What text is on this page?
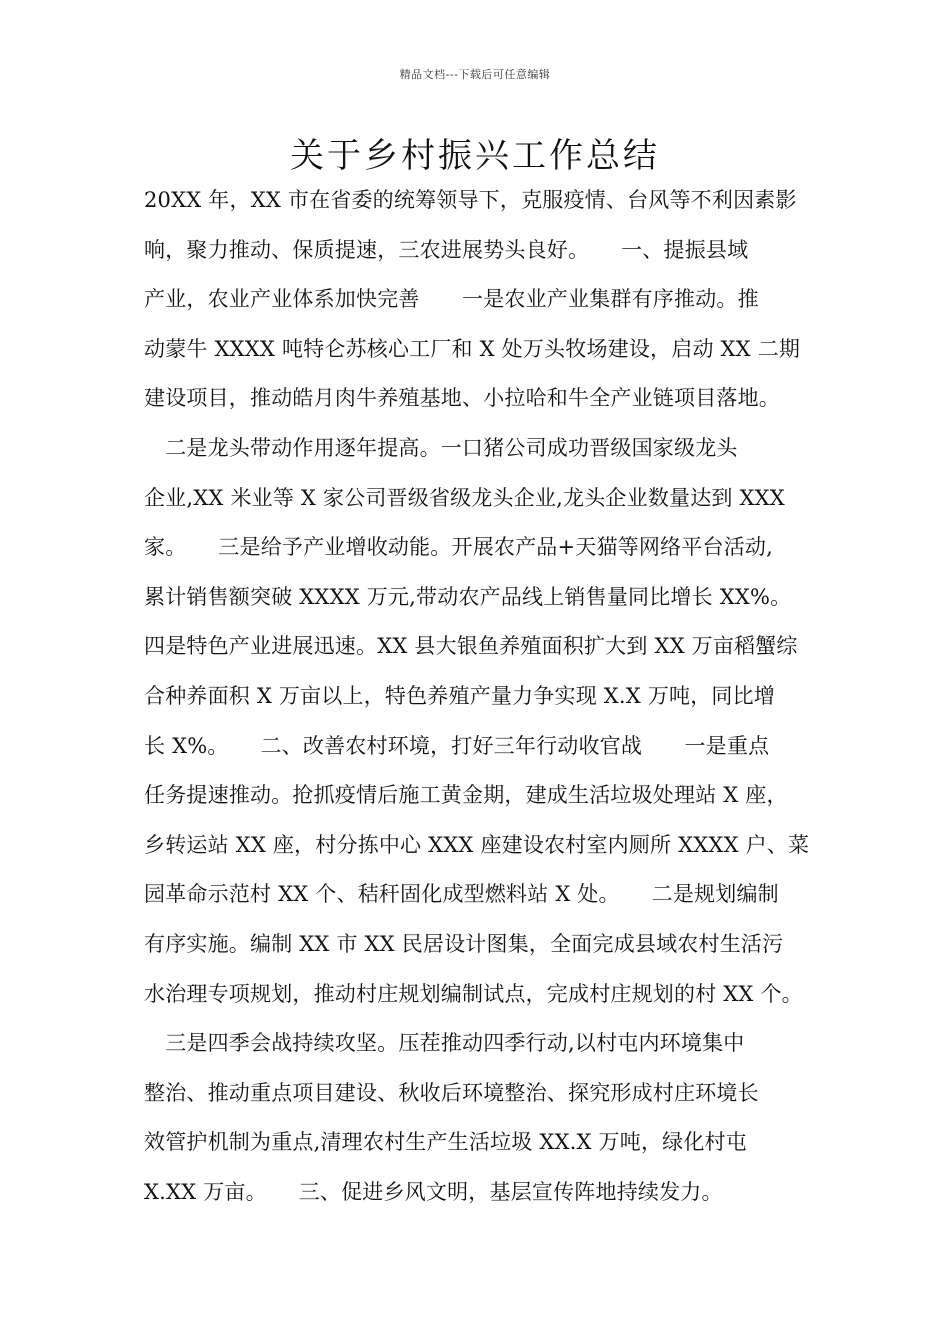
精品文档---下载后可任意编辑
关于乡村振兴工作总结
20XX 年，XX 市在省委的统筹领导下，克服疫情、台风等不利因素影
响，聚力推动、保质提速，三农进展势头良好。　　一、提振县域
产业，农业产业体系加快完善　　一是农业产业集群有序推动。推
动蒙牛 XXXX 吨特仑苏核心工厂和 X 处万头牧场建设，启动 XX 二期
建设项目，推动皓月肉牛养殖基地、小拉哈和牛全产业链项目落地。
　二是龙头带动作用逐年提高。一口猪公司成功晋级国家级龙头
企业,XX 米业等 X 家公司晋级省级龙头企业,龙头企业数量达到 XXX
家。　　三是给予产业增收动能。开展农产品+天猫等网络平台活动,
累计销售额突破 XXXX 万元,带动农产品线上销售量同比增长 XX%。
四是特色产业进展迅速。XX 县大银鱼养殖面积扩大到 XX 万亩稻蟹综
合种养面积 X 万亩以上，特色养殖产量力争实现 X.X 万吨，同比增
长 X%。　　二、改善农村环境，打好三年行动收官战　　一是重点
任务提速推动。抢抓疫情后施工黄金期，建成生活垃圾处理站 X 座，
乡转运站 XX 座，村分拣中心 XXX 座建设农村室内厕所 XXXX 户、菜
园革命示范村 XX 个、秸秆固化成型燃料站 X 处。　　二是规划编制
有序实施。编制 XX 市 XX 民居设计图集，全面完成县域农村生活污
水治理专项规划，推动村庄规划编制试点，完成村庄规划的村 XX 个。
　三是四季会战持续攻坚。压茬推动四季行动,以村屯内环境集中
整治、推动重点项目建设、秋收后环境整治、探究形成村庄环境长
效管护机制为重点,清理农村生产生活垃圾 XX.X 万吨，绿化村屯
X.XX 万亩。　　三、促进乡风文明，基层宣传阵地持续发力。
